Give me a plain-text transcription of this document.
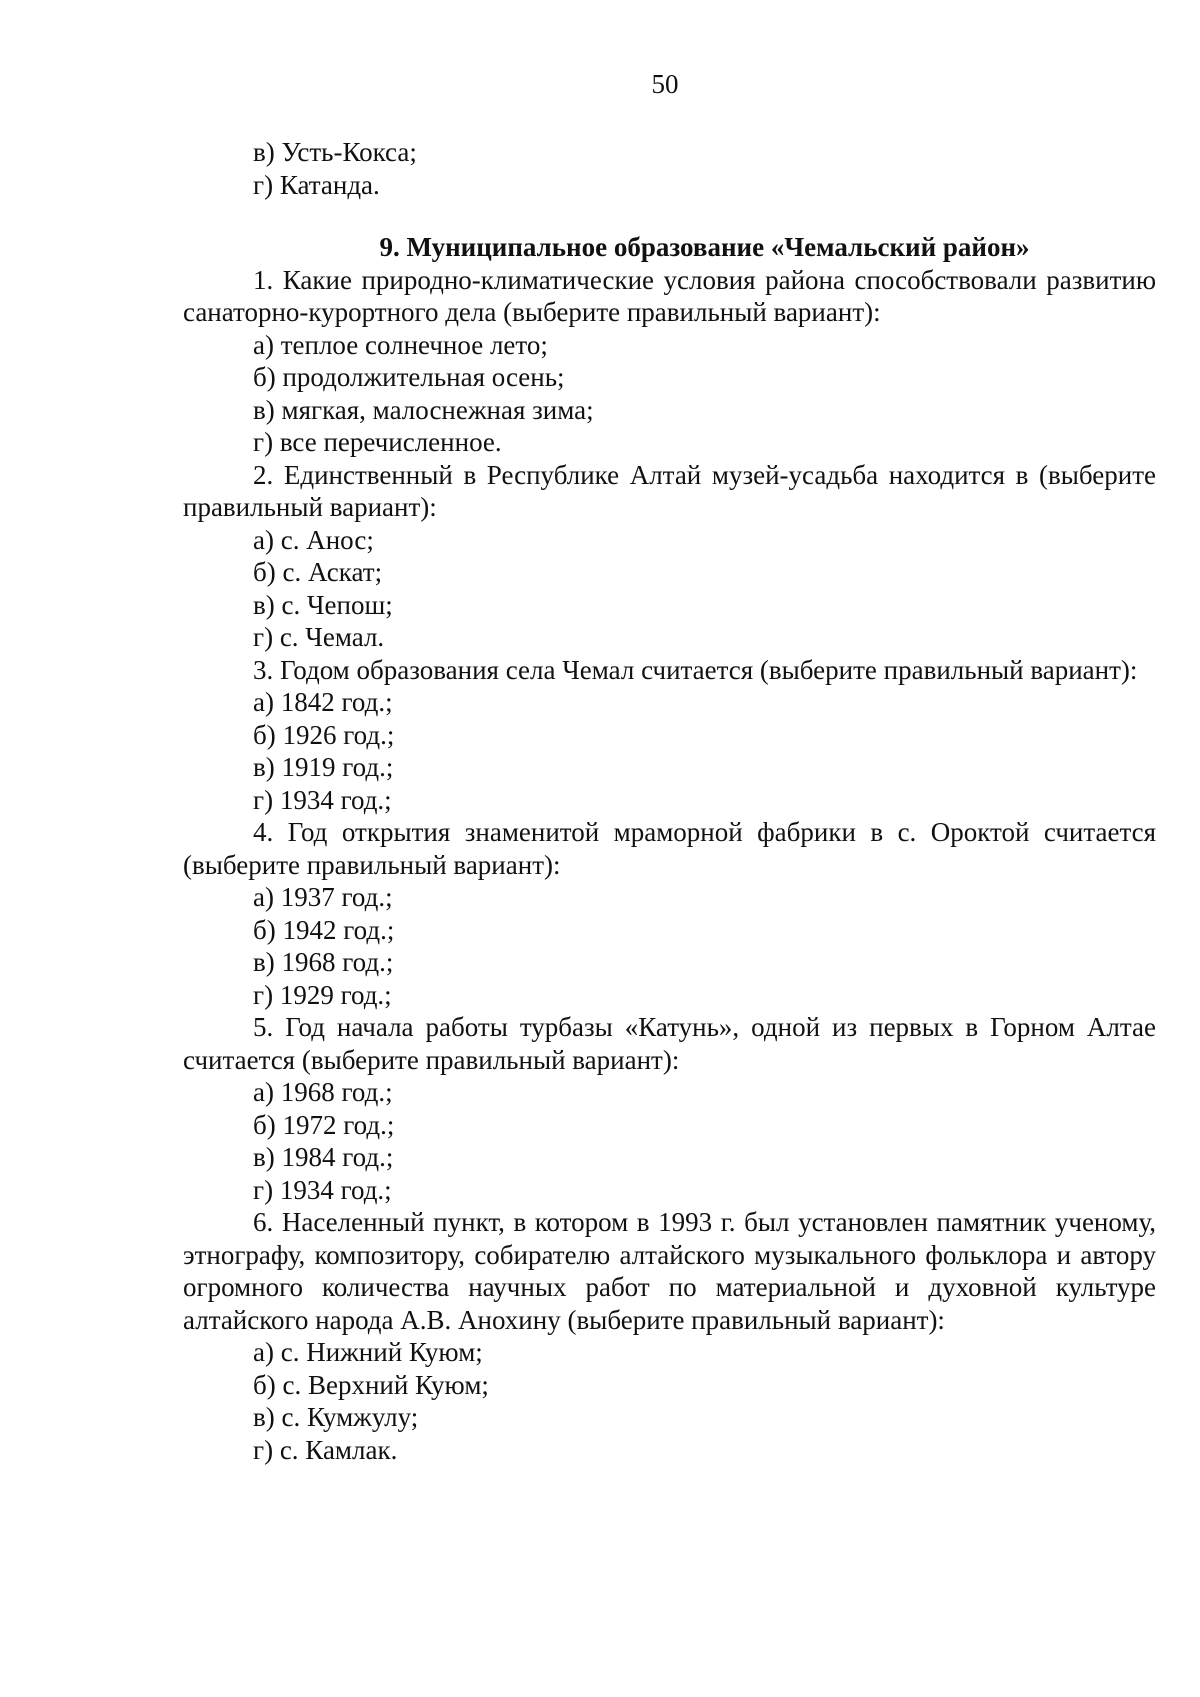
50
в) Усть-Кокса;
г) Катанда.
9. Муниципальное образование «Чемальский район»
1. Какие природно-климатические условия района способствовали развитию санаторно-курортного дела (выберите правильный вариант):
а) теплое солнечное лето;
б) продолжительная осень;
в) мягкая, малоснежная зима;
г) все перечисленное.
2. Единственный в Республике Алтай музей-усадьба находится в (выберите правильный вариант):
а) с. Анос;
б) с. Аскат;
в) с. Чепош;
г) с. Чемал.
3. Годом образования села Чемал считается (выберите правильный вариант):
а) 1842 год.;
б) 1926 год.;
в) 1919 год.;
г) 1934 год.;
4. Год открытия знаменитой мраморной фабрики в с. Ороктой считается (выберите правильный вариант):
а) 1937 год.;
б) 1942 год.;
в) 1968 год.;
г) 1929 год.;
5. Год начала работы турбазы «Катунь», одной из первых в Горном Алтае считается (выберите правильный вариант):
а) 1968 год.;
б) 1972 год.;
в) 1984 год.;
г) 1934 год.;
6. Населенный пункт, в котором в 1993 г. был установлен памятник ученому, этнографу, композитору, собирателю алтайского музыкального фольклора и автору огромного количества научных работ по материальной и духовной культуре алтайского народа А.В. Анохину (выберите правильный вариант):
а) с. Нижний Куюм;
б) с. Верхний Куюм;
в) с. Кумжулу;
г) с. Камлак.
